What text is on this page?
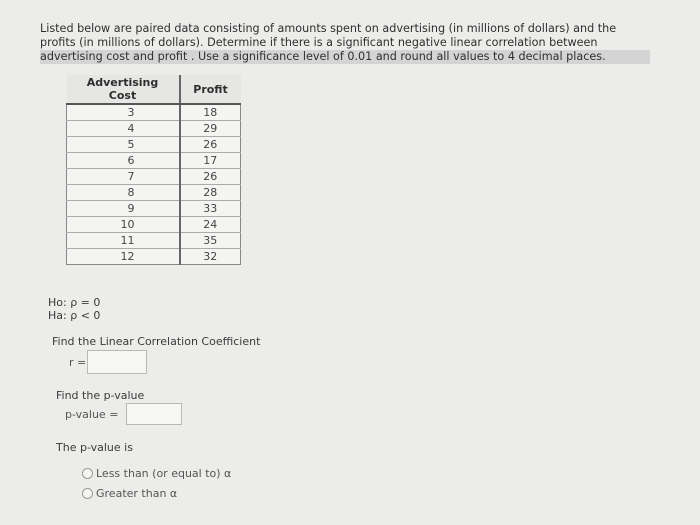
Listed below are paired data consisting of amounts spent on advertising (in millions of dollars) and the
profits (in millions of dollars). Determine if there is a significant negative linear correlation between
advertising cost and profit . Use a significance level of 0.01 and round all values to 4 decimal places.
Advertising Cost	Profit
3	18
4	29
5	26
6	17
7	26
8	28
9	33
10	24
11	35
12	32
Ho: ρ = 0
Ha: ρ < 0
Find the Linear Correlation Coefficient
r =
Find the p-value
p-value =
The p-value is
Less than (or equal to) α
Greater than α
